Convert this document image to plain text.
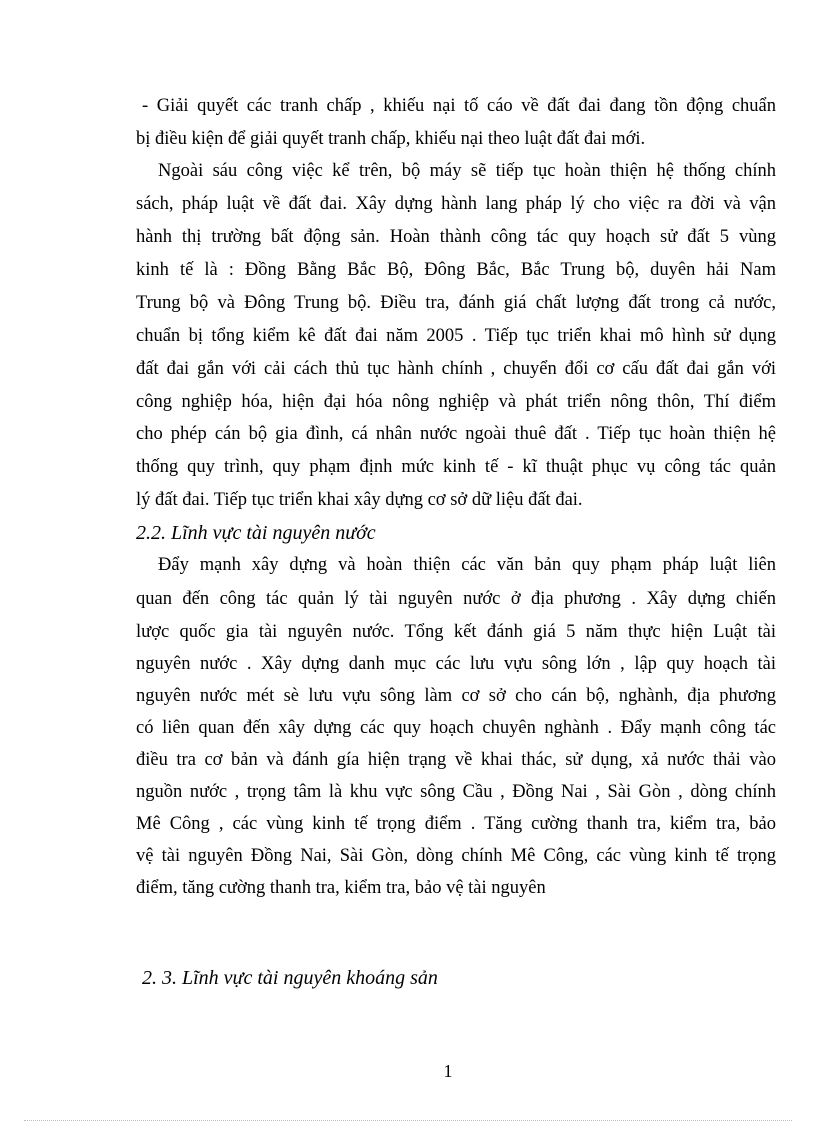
- Giải quyết các tranh chấp , khiếu nại tố cáo về đất đai đang tồn động chuẩn
bị điều kiện để giải quyết tranh chấp, khiếu nại theo luật đất đai mới.
Ngoài sáu công việc kể trên, bộ máy sẽ tiếp tục hoàn thiện hệ thống chính
sách, pháp luật về đất đai. Xây dựng hành lang pháp lý cho việc ra đời và vận
hành thị trường bất động sản. Hoàn thành công tác quy hoạch sử đất 5 vùng
kinh tế là : Đồng Bằng Bắc Bộ, Đông Bắc, Bắc Trung bộ, duyên hải Nam
Trung bộ và Đông Trung bộ. Điều tra, đánh giá chất lượng đất trong cả nước,
chuẩn bị tổng kiểm kê đất đai năm 2005 . Tiếp tục triển khai mô hình sử dụng
đất đai gắn với cải cách thủ tục hành chính , chuyển đổi cơ cấu đất đai gắn với
công nghiệp hóa, hiện đại hóa nông nghiệp và phát triển nông thôn, Thí điểm
cho phép cán bộ gia đình, cá nhân nước ngoài thuê đất . Tiếp tục hoàn thiện hệ
thống quy trình, quy phạm định mức kinh tế - kĩ thuật phục vụ công tác quản
lý đất đai. Tiếp tục triển khai xây dựng cơ sở dữ liệu đất đai.
2.2. Lĩnh vực tài nguyên nước
Đẩy mạnh xây dựng và hoàn thiện các văn bản quy phạm pháp luật liên
quan đến công tác quản lý tài nguyên nước ở địa phương . Xây dựng chiến
lược quốc gia tài nguyên nước. Tổng kết đánh giá 5 năm thực hiện Luật tài
nguyên nước . Xây dựng danh mục các lưu vựu sông lớn , lập quy hoạch tài
nguyên nước mét sè lưu vựu sông làm cơ sở cho cán bộ, nghành, địa phương
có liên quan đến xây dựng các quy hoạch chuyên nghành . Đẩy mạnh công tác
điều tra cơ bản và đánh gía hiện trạng về khai thác, sử dụng, xả nước thải vào
nguồn nước , trọng tâm là khu vực sông Cầu , Đồng Nai , Sài Gòn , dòng chính
Mê Công , các vùng kinh tế trọng điểm . Tăng cường thanh tra, kiểm tra, bảo
vệ tài nguyên Đồng Nai, Sài Gòn, dòng chính Mê Công, các vùng kinh tế trọng
điểm, tăng cường thanh tra, kiểm tra, bảo vệ tài nguyên
2. 3. Lĩnh vực tài nguyên khoáng sản
1
